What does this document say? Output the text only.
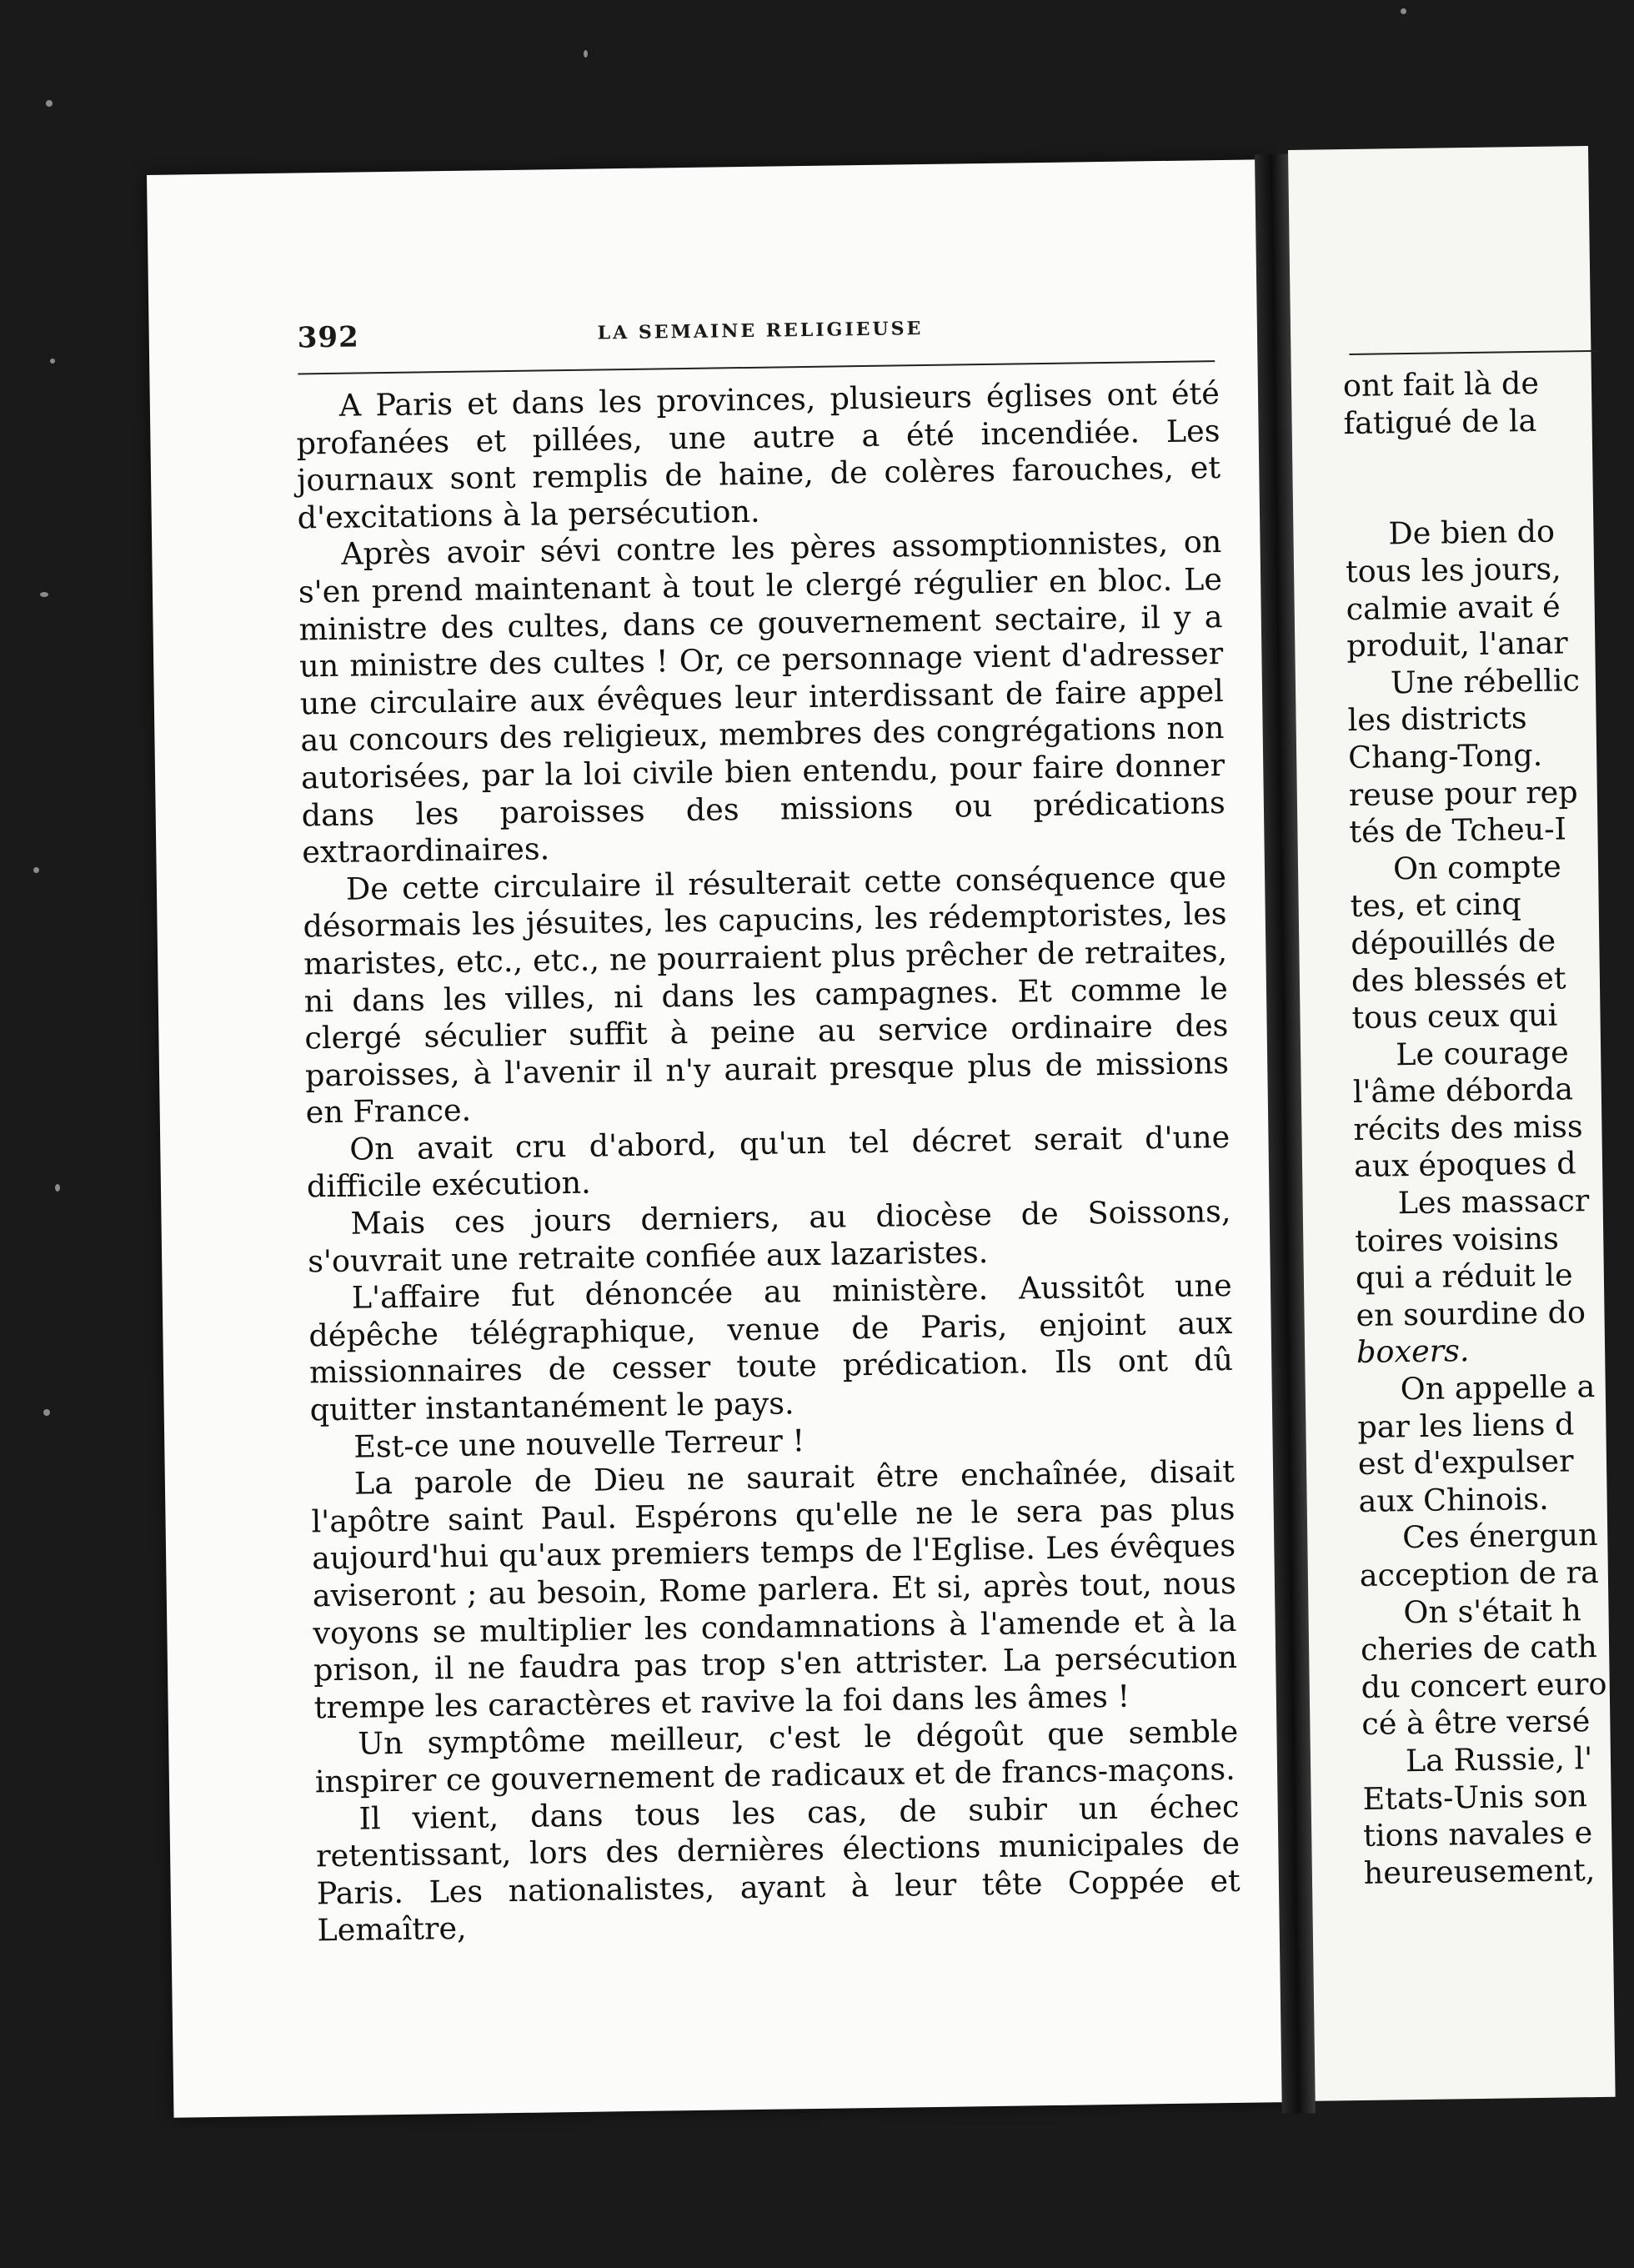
392	LA SEMAINE RELIGIEUSE

A Paris et dans les provinces, plusieurs églises ont été profanées et pillées, une autre a été incendiée. Les journaux sont remplis de haine, de colères farouches, et d'excitations à la persécution.

Après avoir sévi contre les pères assomptionnistes, on s'en prend maintenant à tout le clergé régulier en bloc. Le ministre des cultes, dans ce gouvernement sectaire, il y a un ministre des cultes ! Or, ce personnage vient d'adresser une circulaire aux évêques leur interdissant de faire appel au concours des religieux, membres des congrégations non autorisées, par la loi civile bien entendu, pour faire donner dans les paroisses des missions ou prédications extraordinaires.

De cette circulaire il résulterait cette conséquence que désormais les jésuites, les capucins, les rédemptoristes, les maristes, etc., etc., ne pourraient plus prêcher de retraites, ni dans les villes, ni dans les campagnes. Et comme le clergé séculier suffit à peine au service ordinaire des paroisses, à l'avenir il n'y aurait presque plus de missions en France.

On avait cru d'abord, qu'un tel décret serait d'une difficile exécution.

Mais ces jours derniers, au diocèse de Soissons, s'ouvrait une retraite confiée aux lazaristes.

L'affaire fut dénoncée au ministère. Aussitôt une dépêche télégraphique, venue de Paris, enjoint aux missionnaires de cesser toute prédication. Ils ont dû quitter instantanément le pays.

Est-ce une nouvelle Terreur !

La parole de Dieu ne saurait être enchaînée, disait l'apôtre saint Paul. Espérons qu'elle ne le sera pas plus aujourd'hui qu'aux premiers temps de l'Eglise. Les évêques aviseront ; au besoin, Rome parlera. Et si, après tout, nous voyons se multiplier les condamnations à l'amende et à la prison, il ne faudra pas trop s'en attrister. La persécution trempe les caractères et ravive la foi dans les âmes !

Un symptôme meilleur, c'est le dégoût que semble inspirer ce gouvernement de radicaux et de francs-maçons.

Il vient, dans tous les cas, de subir un échec retentissant, lors des dernières élections municipales de Paris. Les nationalistes, ayant à leur tête Coppée et Lemaître,

ont fait là de
fatigué de la
De bien do
tous les jours,
calmie avait é
produit, l'anar
Une rébellic
les districts
Chang-Tong.
reuse pour rep
tés de Tcheu-I
On compte
tes, et cinq
dépouillés de
des blessés et
tous ceux qui
Le courage
l'âme déborda
récits des miss
aux époques d
Les massacr
toires voisins
qui a réduit le
en sourdine do
boxers.
On appelle a
par les liens d
est d'expulser
aux Chinois.
Ces énergun
acception de ra
On s'était h
cheries de cath
du concert euro
cé à être versé
La Russie, l'
Etats-Unis son
tions navales e
heureusement,
